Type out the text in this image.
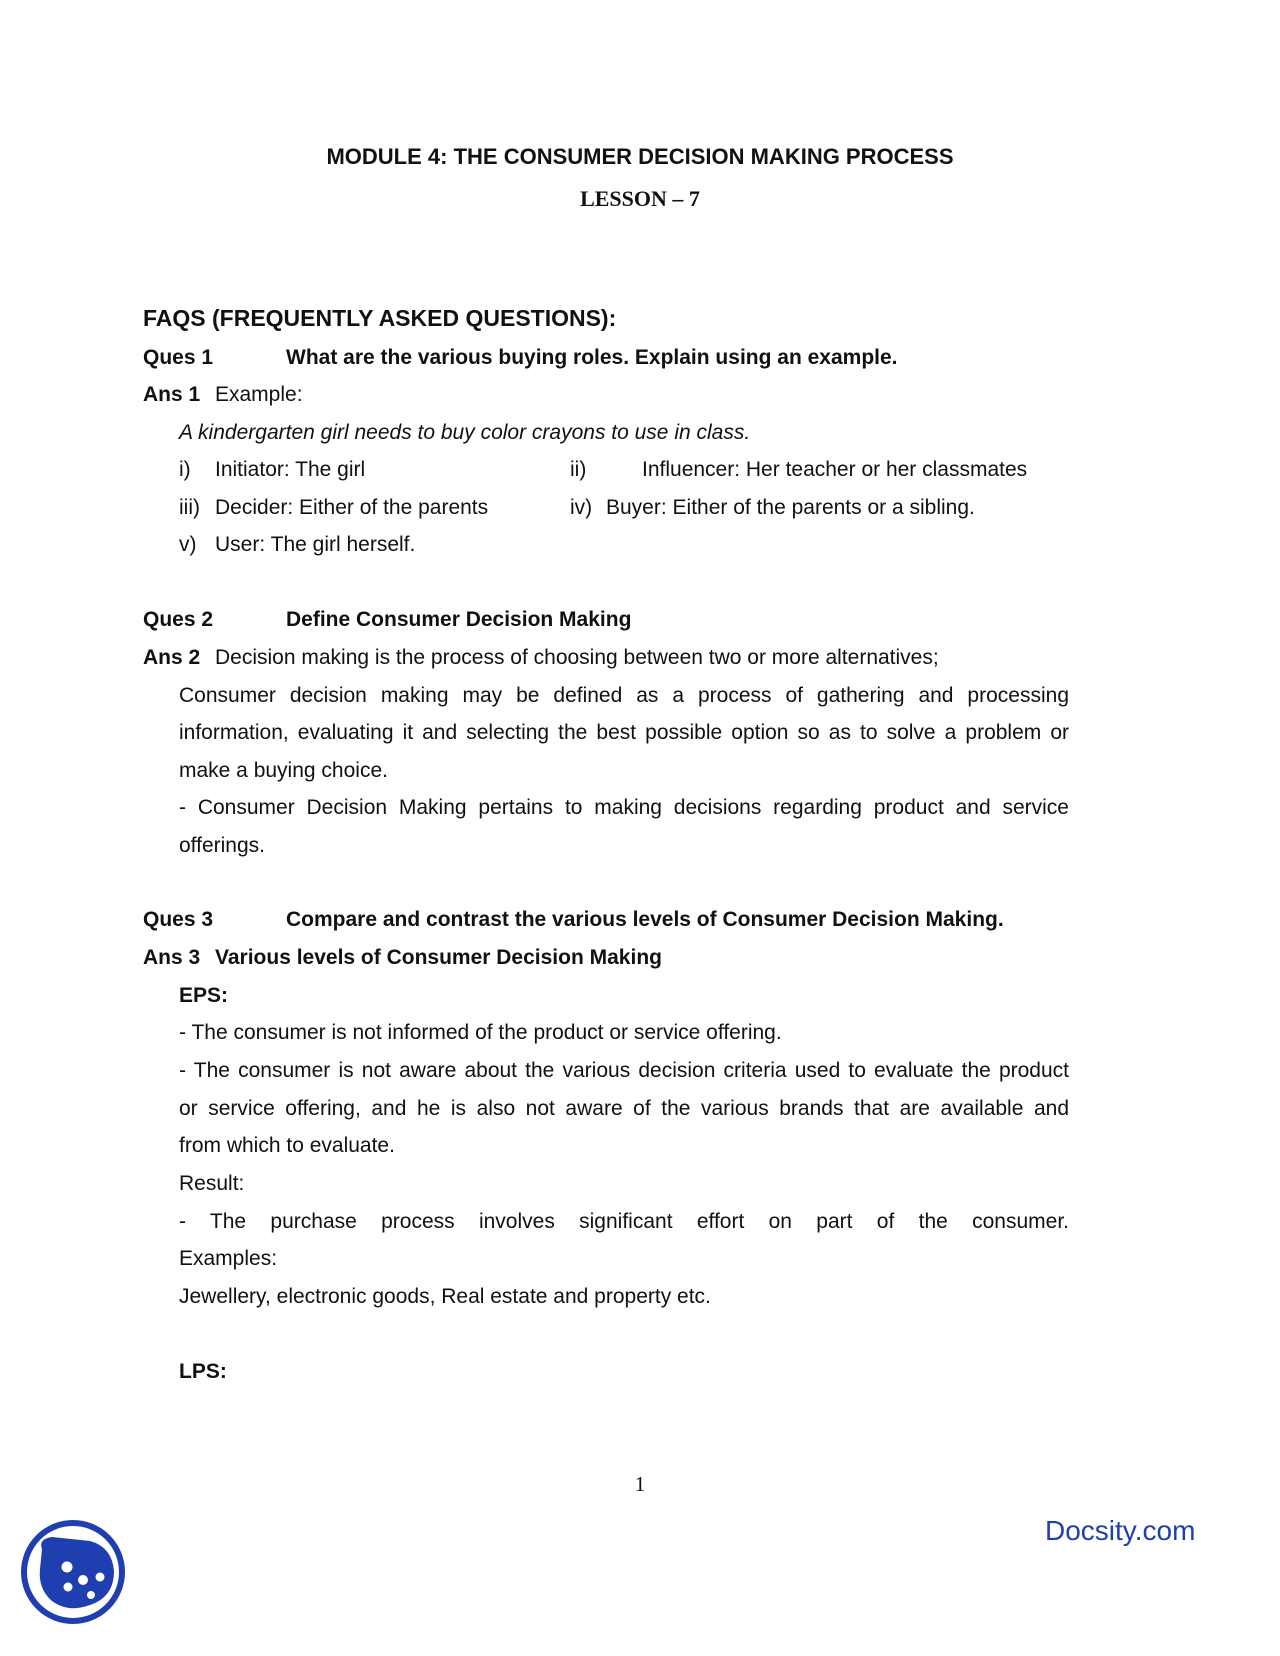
MODULE 4: THE CONSUMER DECISION MAKING PROCESS
LESSON – 7
FAQS (FREQUENTLY ASKED QUESTIONS):
Ques 1	What are the various buying roles. Explain using an example.
Ans 1 Example:
A kindergarten girl needs to buy color crayons to use in class.
i) Initiator: The girl	ii)	Influencer: Her teacher or her classmates
iii) Decider: Either of the parents	iv) Buyer: Either of the parents or a sibling.
v) User: The girl herself.
Ques 2	Define Consumer Decision Making
Ans 2 Decision making is the process of choosing between two or more alternatives;
Consumer decision making may be defined as a process of gathering and processing
information, evaluating it and selecting the best possible option so as to solve a problem or
make a buying choice.
- Consumer Decision Making pertains to making decisions regarding product and service
offerings.
Ques 3	Compare and contrast the various levels of Consumer Decision Making.
Ans 3 Various levels of Consumer Decision Making
EPS:
- The consumer is not informed of the product or service offering.
- The consumer is not aware about the various decision criteria used to evaluate the product
or service offering, and he is also not aware of the various brands that are available and
from which to evaluate.
Result:
- The purchase process involves significant effort on part of the consumer.
Examples:
Jewellery, electronic goods, Real estate and property etc.
LPS:
1
Docsity.com
